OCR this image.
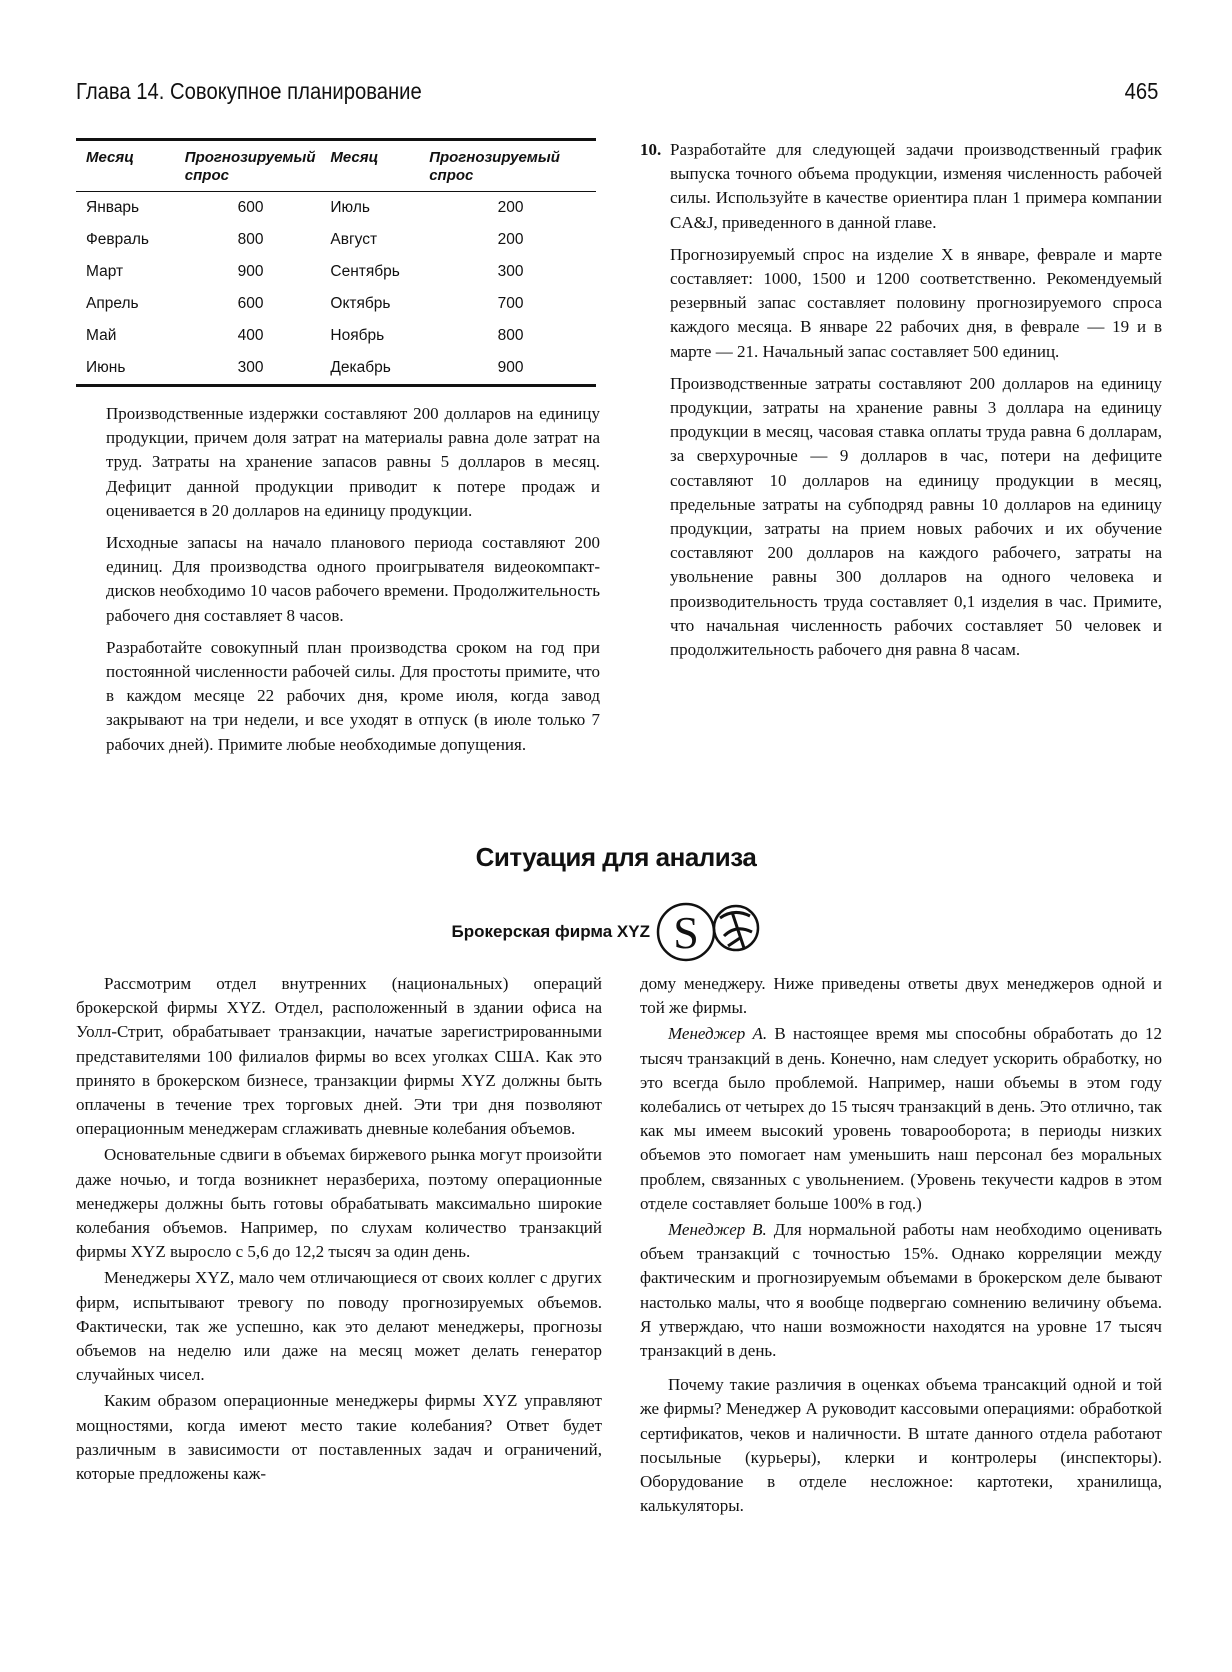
Глава 14. Совокупное планирование	465
Месяц	Прогнозируемый спрос	Месяц	Прогнозируемый спрос
Январь	600	Июль	200
Февраль	800	Август	200
Март	900	Сентябрь	300
Апрель	600	Октябрь	700
Май	400	Ноябрь	800
Июнь	300	Декабрь	900

Производственные издержки составляют 200 долларов на единицу продукции, причем доля затрат на материалы равна доле затрат на труд. Затраты на хранение запасов равны 5 долларов в месяц. Дефицит данной продукции приводит к потере продаж и оценивается в 20 долларов на единицу продукции.

Исходные запасы на начало планового периода составляют 200 единиц. Для производства одного проигрывателя видеокомпакт-дисков необходимо 10 часов рабочего времени. Продолжительность рабочего дня составляет 8 часов.

Разработайте совокупный план производства сроком на год при постоянной численности рабочей силы. Для простоты примите, что в каждом месяце 22 рабочих дня, кроме июля, когда завод закрывают на три недели, и все уходят в отпуск (в июле только 7 рабочих дней). Примите любые необходимые допущения.

10. Разработайте для следующей задачи производственный график выпуска точного объема продукции, изменяя численность рабочей силы. Используйте в качестве ориентира план 1 примера компании CA&J, приведенного в данной главе.

Прогнозируемый спрос на изделие X в январе, феврале и марте составляет: 1000, 1500 и 1200 соответственно. Рекомендуемый резервный запас составляет половину прогнозируемого спроса каждого месяца. В январе 22 рабочих дня, в феврале — 19 и в марте — 21. Начальный запас составляет 500 единиц.

Производственные затраты составляют 200 долларов на единицу продукции, затраты на хранение равны 3 доллара на единицу продукции в месяц, часовая ставка оплаты труда равна 6 долларам, за сверхурочные — 9 долларов в час, потери на дефиците составляют 10 долларов на единицу продукции в месяц, предельные затраты на субподряд равны 10 долларов на единицу продукции, затраты на прием новых рабочих и их обучение составляют 200 долларов на каждого рабочего, затраты на увольнение равны 300 долларов на одного человека и производительность труда составляет 0,1 изделия в час. Примите, что начальная численность рабочих составляет 50 человек и продолжительность рабочего дня равна 8 часам.

Ситуация для анализа
Брокерская фирма XYZ S

Рассмотрим отдел внутренних (национальных) операций брокерской фирмы XYZ. Отдел, расположенный в здании офиса на Уолл-Стрит, обрабатывает транзакции, начатые зарегистрированными представителями 100 филиалов фирмы во всех уголках США. Как это принято в брокерском бизнесе, транзакции фирмы XYZ должны быть оплачены в течение трех торговых дней. Эти три дня позволяют операционным менеджерам сглаживать дневные колебания объемов.

Основательные сдвиги в объемах биржевого рынка могут произойти даже ночью, и тогда возникнет неразбериха, поэтому операционные менеджеры должны быть готовы обрабатывать максимально широкие колебания объемов. Например, по слухам количество транзакций фирмы XYZ выросло с 5,6 до 12,2 тысяч за один день.

Менеджеры XYZ, мало чем отличающиеся от своих коллег с других фирм, испытывают тревогу по поводу прогнозируемых объемов. Фактически, так же успешно, как это делают менеджеры, прогнозы объемов на неделю или даже на месяц может делать генератор случайных чисел.

Каким образом операционные менеджеры фирмы XYZ управляют мощностями, когда имеют место такие колебания? Ответ будет различным в зависимости от поставленных задач и ограничений, которые предложены каж-

дому менеджеру. Ниже приведены ответы двух менеджеров одной и той же фирмы.

Менеджер А. В настоящее время мы способны обработать до 12 тысяч транзакций в день. Конечно, нам следует ускорить обработку, но это всегда было проблемой. Например, наши объемы в этом году колебались от четырех до 15 тысяч транзакций в день. Это отлично, так как мы имеем высокий уровень товарооборота; в периоды низких объемов это помогает нам уменьшить наш персонал без моральных проблем, связанных с увольнением. (Уровень текучести кадров в этом отделе составляет больше 100% в год.)

Менеджер В. Для нормальной работы нам необходимо оценивать объем транзакций с точностью 15%. Однако корреляции между фактическим и прогнозируемым объемами в брокерском деле бывают настолько малы, что я вообще подвергаю сомнению величину объема. Я утверждаю, что наши возможности находятся на уровне 17 тысяч транзакций в день.

Почему такие различия в оценках объема трансакций одной и той же фирмы? Менеджер А руководит кассовыми операциями: обработкой сертификатов, чеков и наличности. В штате данного отдела работают посыльные (курьеры), клерки и контролеры (инспекторы). Оборудование в отделе несложное: картотеки, хранилища, калькуляторы.
